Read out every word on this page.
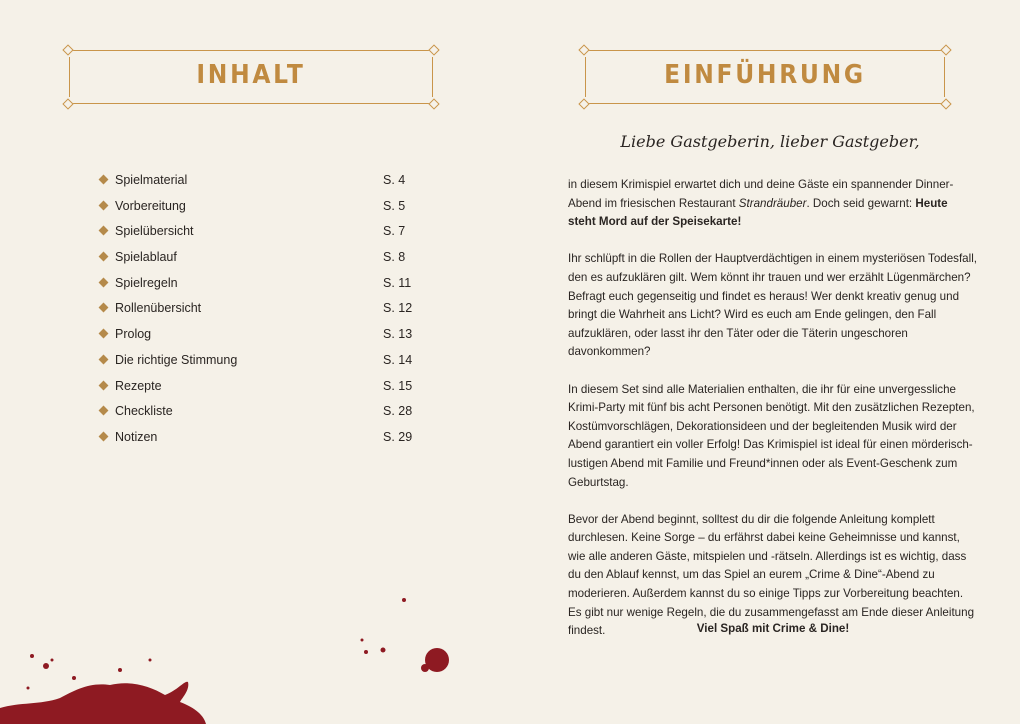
INHALT
Spielmaterial	S. 4
Vorbereitung	S. 5
Spielübersicht	S. 7
Spielablauf	S. 8
Spielregeln	S. 11
Rollenübersicht	S. 12
Prolog	S. 13
Die richtige Stimmung	S. 14
Rezepte	S. 15
Checkliste	S. 28
Notizen	S. 29
EINFÜHRUNG
Liebe Gastgeberin, lieber Gastgeber,

in diesem Krimispiel erwartet dich und deine Gäste ein spannender Dinner-Abend im friesischen Restaurant Strandräuber. Doch seid gewarnt: Heute steht Mord auf der Speisekarte!

Ihr schlüpft in die Rollen der Hauptverdächtigen in einem mysteriösen Todesfall, den es aufzuklären gilt. Wem könnt ihr trauen und wer erzählt Lügenmärchen? Befragt euch gegenseitig und findet es heraus! Wer denkt kreativ genug und bringt die Wahrheit ans Licht? Wird es euch am Ende gelingen, den Fall aufzuklären, oder lasst ihr den Täter oder die Täterin ungeschoren davonkommen?

In diesem Set sind alle Materialien enthalten, die ihr für eine unvergessliche Krimi-Party mit fünf bis acht Personen benötigt. Mit den zusätzlichen Rezepten, Kostümvorschlägen, Dekorationsideen und der begleitenden Musik wird der Abend garantiert ein voller Erfolg! Das Krimispiel ist ideal für einen mörderisch-lustigen Abend mit Familie und Freund*innen oder als Event-Geschenk zum Geburtstag.

Bevor der Abend beginnt, solltest du dir die folgende Anleitung komplett durchlesen. Keine Sorge – du erfährst dabei keine Geheimnisse und kannst, wie alle anderen Gäste, mitspielen und -rätseln. Allerdings ist es wichtig, dass du den Ablauf kennst, um das Spiel an eurem „Crime & Dine“-Abend zu moderieren. Außerdem kannst du so einige Tipps zur Vorbereitung beachten. Es gibt nur wenige Regeln, die du zusammengefasst am Ende dieser Anleitung findest.	Viel Spaß mit Crime & Dine!
